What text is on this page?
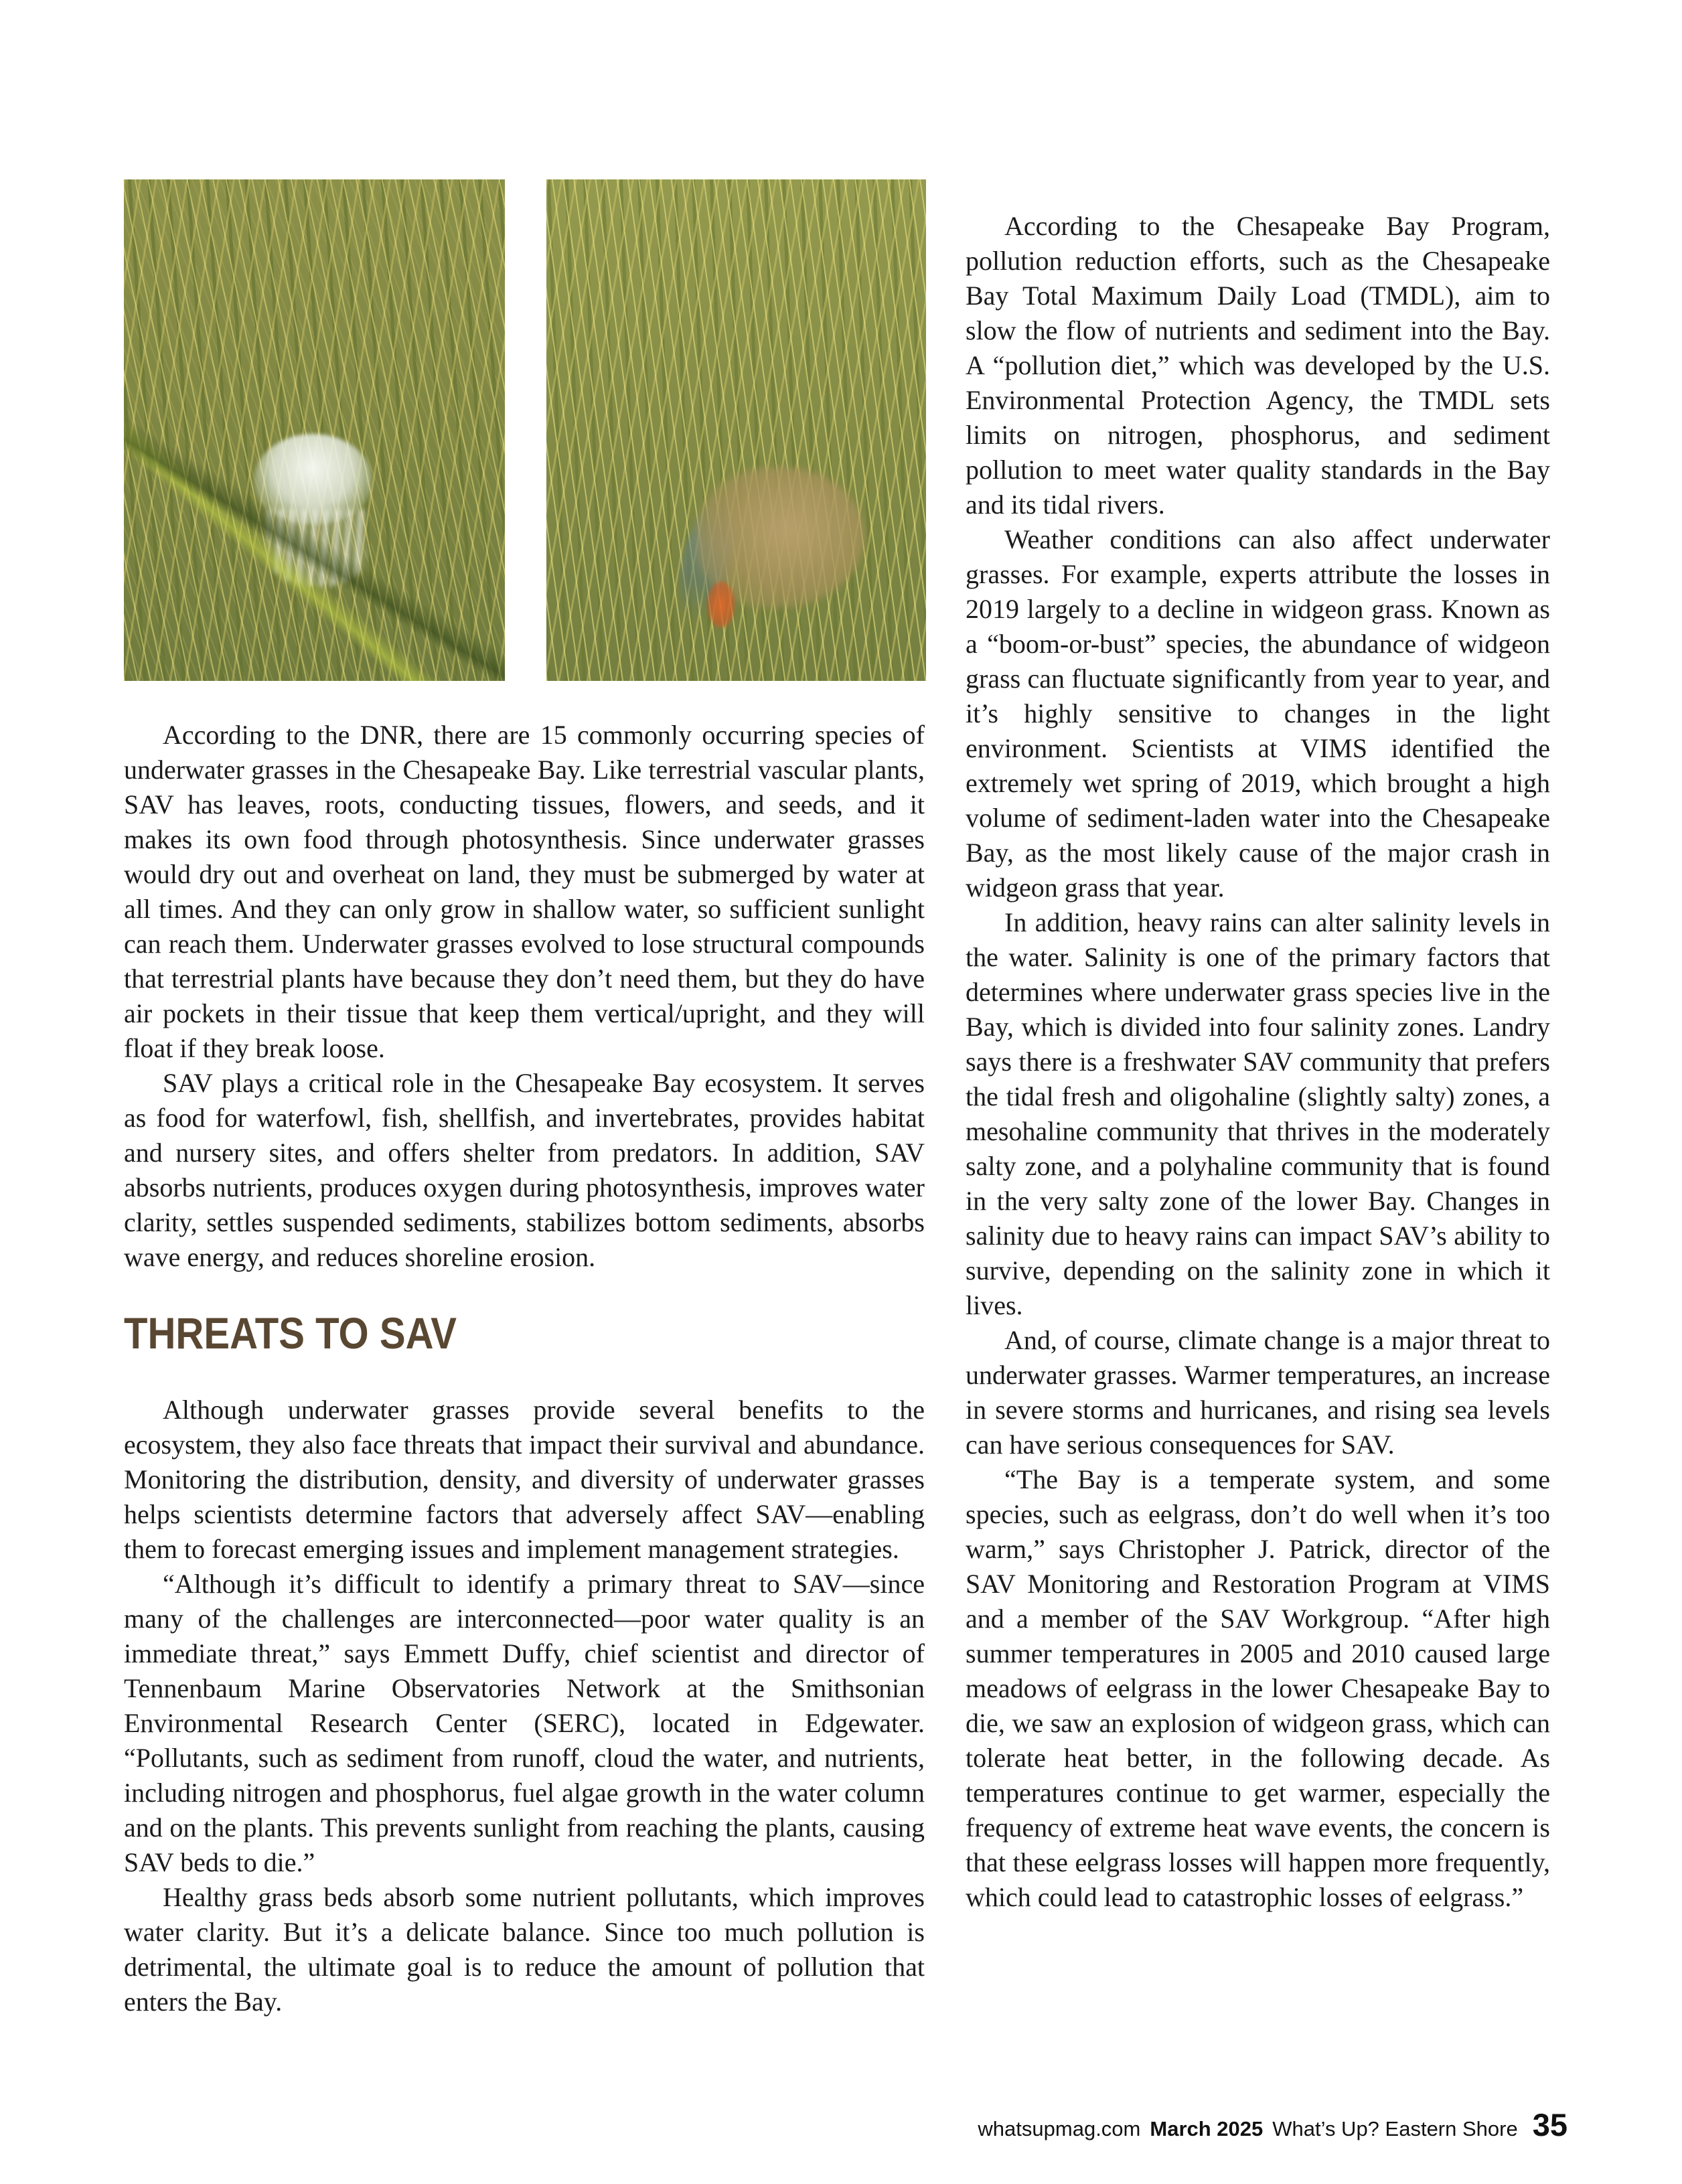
According to the Chesapeake Bay Program, pollution reduction efforts, such as the Chesapeake Bay Total Maximum Daily Load (TMDL), aim to slow the flow of nutrients and sediment into the Bay. A “pollution diet,” which was developed by the U.S. Environmental Protection Agency, the TMDL sets limits on nitrogen, phosphorus, and sediment pollution to meet water quality standards in the Bay and its tidal rivers.

Weather conditions can also affect underwater grasses. For example, experts attribute the losses in 2019 largely to a decline in widgeon grass. Known as a “boom-or-bust” species, the abundance of widgeon grass can fluctuate significantly from year to year, and it’s highly sensitive to changes in the light environment. Scientists at VIMS identified the extremely wet spring of 2019, which brought a high volume of sediment-laden water into the Chesapeake Bay, as the most likely cause of the major crash in widgeon grass that year.

In addition, heavy rains can alter salinity levels in the water. Salinity is one of the primary factors that determines where underwater grass species live in the Bay, which is divided into four salinity zones. Landry says there is a freshwater SAV community that prefers the tidal fresh and oligohaline (slightly salty) zones, a mesohaline community that thrives in the moderately salty zone, and a polyhaline community that is found in the very salty zone of the lower Bay. Changes in salinity due to heavy rains can impact SAV’s ability to survive, depending on the salinity zone in which it lives.

And, of course, climate change is a major threat to underwater grasses. Warmer temperatures, an increase in severe storms and hurricanes, and rising sea levels can have serious consequences for SAV.

“The Bay is a temperate system, and some species, such as eelgrass, don’t do well when it’s too warm,” says Christopher J. Patrick, director of the SAV Monitoring and Restoration Program at VIMS and a member of the SAV Workgroup. “After high summer temperatures in 2005 and 2010 caused large meadows of eelgrass in the lower Chesapeake Bay to die, we saw an explosion of widgeon grass, which can tolerate heat better, in the following decade. As temperatures continue to get warmer, especially the frequency of extreme heat wave events, the concern is that these eelgrass losses will happen more frequently, which could lead to catastrophic losses of eelgrass.”

According to the DNR, there are 15 commonly occurring species of underwater grasses in the Chesapeake Bay. Like terrestrial vascular plants, SAV has leaves, roots, conducting tissues, flowers, and seeds, and it makes its own food through photosynthesis. Since underwater grasses would dry out and overheat on land, they must be submerged by water at all times. And they can only grow in shallow water, so sufficient sunlight can reach them. Underwater grasses evolved to lose structural compounds that terrestrial plants have because they don’t need them, but they do have air pockets in their tissue that keep them vertical/upright, and they will float if they break loose.

SAV plays a critical role in the Chesapeake Bay ecosystem. It serves as food for waterfowl, fish, shellfish, and invertebrates, provides habitat and nursery sites, and offers shelter from predators. In addition, SAV absorbs nutrients, produces oxygen during photosynthesis, improves water clarity, settles suspended sediments, stabilizes bottom sediments, absorbs wave energy, and reduces shoreline erosion.

THREATS TO SAV

Although underwater grasses provide several benefits to the ecosystem, they also face threats that impact their survival and abundance. Monitoring the distribution, density, and diversity of underwater grasses helps scientists determine factors that adversely affect SAV—enabling them to forecast emerging issues and implement management strategies.

“Although it’s difficult to identify a primary threat to SAV—since many of the challenges are interconnected—poor water quality is an immediate threat,” says Emmett Duffy, chief scientist and director of Tennenbaum Marine Observatories Network at the Smithsonian Environmental Research Center (SERC), located in Edgewater. “Pollutants, such as sediment from runoff, cloud the water, and nutrients, including nitrogen and phosphorus, fuel algae growth in the water column and on the plants. This prevents sunlight from reaching the plants, causing SAV beds to die.”

Healthy grass beds absorb some nutrient pollutants, which improves water clarity. But it’s a delicate balance. Since too much pollution is detrimental, the ultimate goal is to reduce the amount of pollution that enters the Bay.

whatsupmag.com March 2025 What’s Up? Eastern Shore 35
